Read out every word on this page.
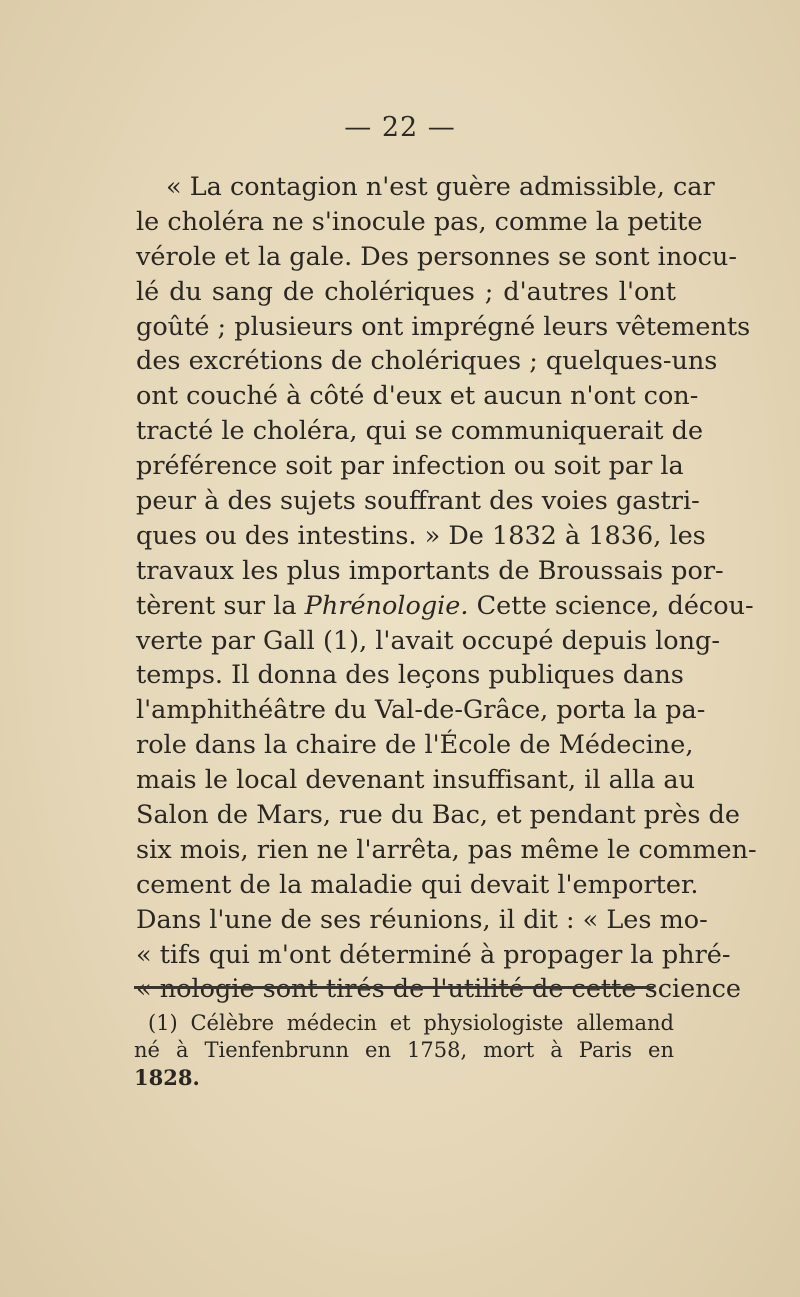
— 22 —
« La contagion n'est guère admissible, car
le choléra ne s'inocule pas, comme la petite
vérole et la gale. Des personnes se sont inocu-
lé du sang de cholériques ; d'autres l'ont
goûté ; plusieurs ont imprégné leurs vêtements
des excrétions de cholériques ; quelques-uns
ont couché à côté d'eux et aucun n'ont con-
tracté le choléra, qui se communiquerait de
préférence soit par infection ou soit par la
peur à des sujets souffrant des voies gastri-
ques ou des intestins. » De 1832 à 1836, les
travaux les plus importants de Broussais por-
tèrent sur la Phrénologie. Cette science, décou-
verte par Gall (1), l'avait occupé depuis long-
temps. Il donna des leçons publiques dans
l'amphithéâtre du Val-de-Grâce, porta la pa-
role dans la chaire de l'École de Médecine,
mais le local devenant insuffisant, il alla au
Salon de Mars, rue du Bac, et pendant près de
six mois, rien ne l'arrêta, pas même le commen-
cement de la maladie qui devait l'emporter.
Dans l'une de ses réunions, il dit : « Les mo-
« tifs qui m'ont déterminé à propager la phré-
« nologie sont tirés de l'utilité de cette science
(1) Célèbre médecin et physiologiste allemand
né à Tienfenbrunn en 1758, mort à Paris en
1828.
